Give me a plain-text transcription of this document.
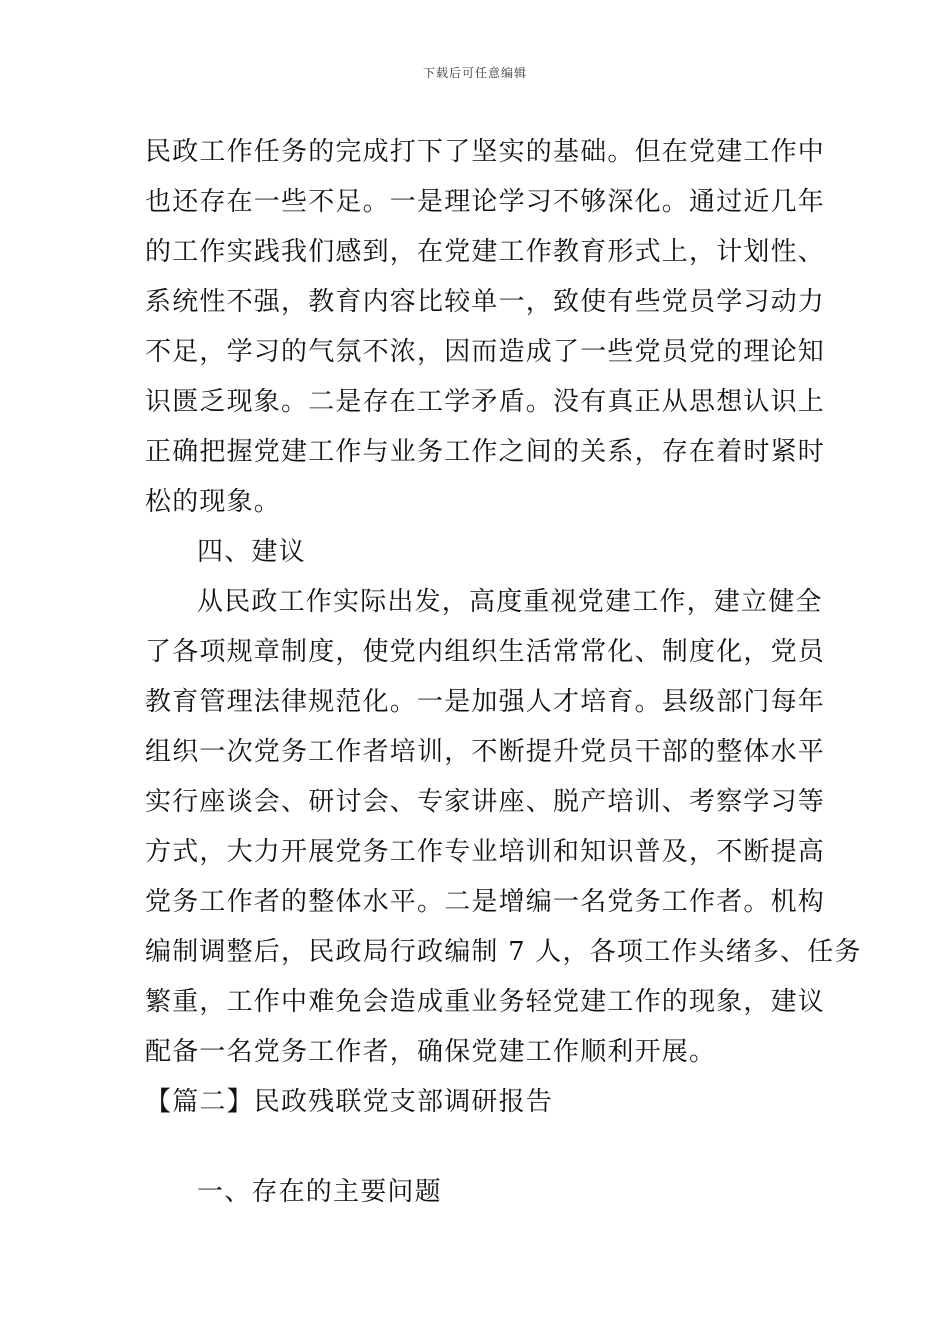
下载后可任意编辑
民政工作任务的完成打下了坚实的基础。但在党建工作中
也还存在一些不足。一是理论学习不够深化。通过近几年
的工作实践我们感到，在党建工作教育形式上，计划性、
系统性不强，教育内容比较单一，致使有些党员学习动力
不足，学习的气氛不浓，因而造成了一些党员党的理论知
识匮乏现象。二是存在工学矛盾。没有真正从思想认识上
正确把握党建工作与业务工作之间的关系，存在着时紧时
松的现象。
四、建议
从民政工作实际出发，高度重视党建工作，建立健全
了各项规章制度，使党内组织生活常常化、制度化，党员
教育管理法律规范化。一是加强人才培育。县级部门每年
组织一次党务工作者培训，不断提升党员干部的整体水平
实行座谈会、研讨会、专家讲座、脱产培训、考察学习等
方式，大力开展党务工作专业培训和知识普及，不断提高
党务工作者的整体水平。二是增编一名党务工作者。机构
编制调整后，民政局行政编制 7 人，各项工作头绪多、任务
繁重，工作中难免会造成重业务轻党建工作的现象，建议
配备一名党务工作者，确保党建工作顺利开展。
【篇二】民政残联党支部调研报告
一、存在的主要问题
